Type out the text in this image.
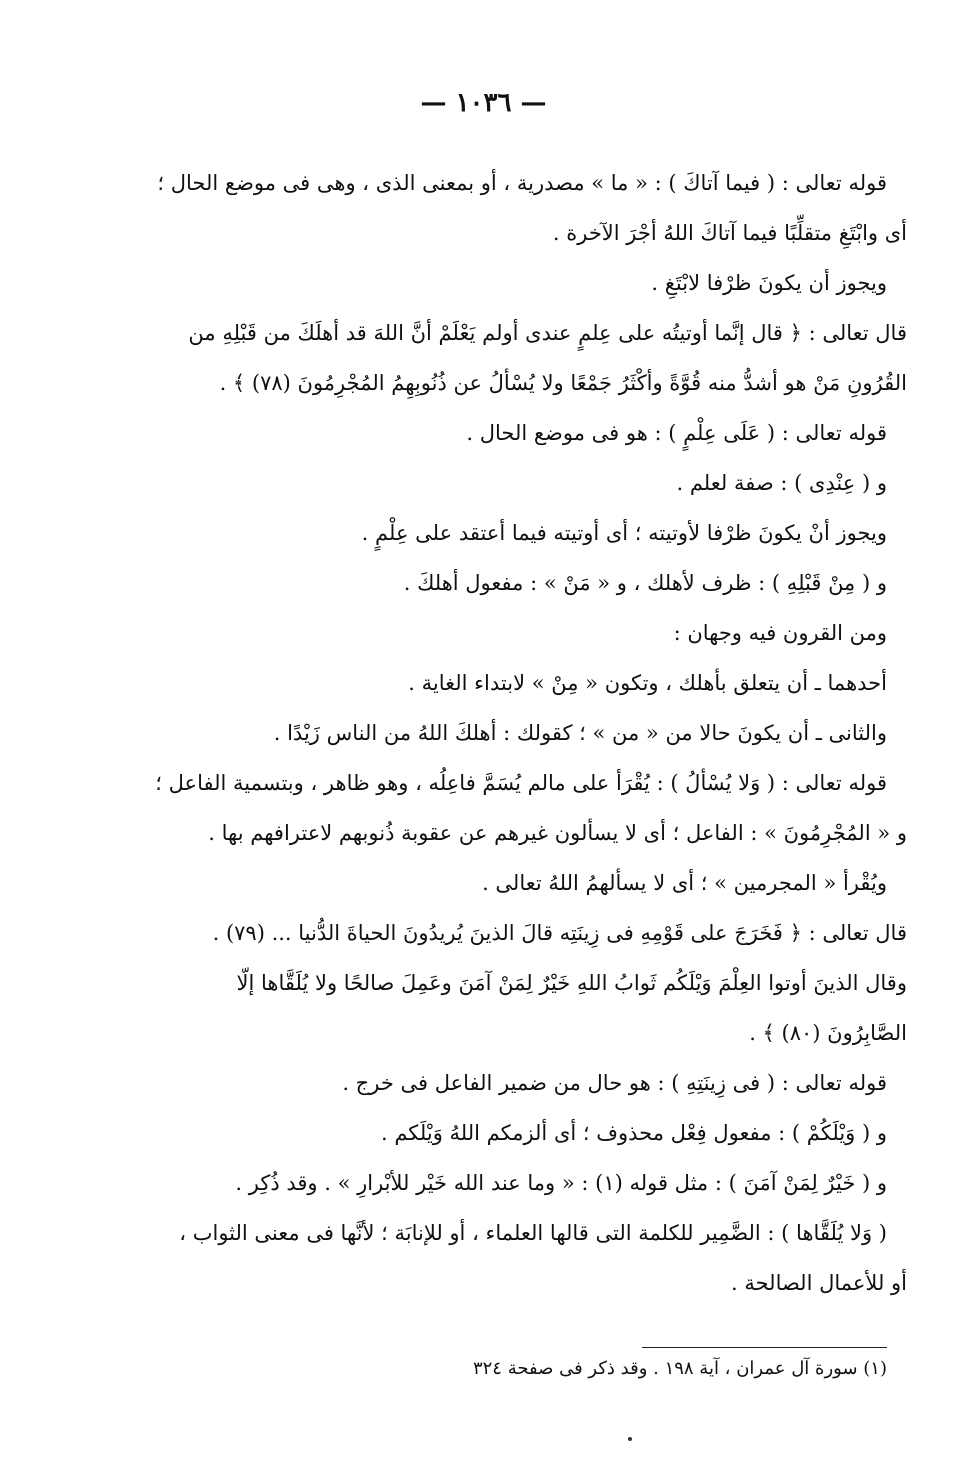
— ١٠٣٦ —
قوله تعالى : ( فيما آتاكَ ) : « ما » مصدرية ، أو بمعنى الذى ، وهى فى موضع الحال ؛
أى وابْتَغِ متقلِّبًا فيما آتاكَ اللهُ أجْرَ الآخرة .
ويجوز أن يكونَ ظرْفا لابْتَغِ .
قال تعالى : ﴿ قال إنَّما أوتيتُه على عِلمٍ عندى أولم يَعْلَمْ أنَّ اللهَ قد أهلَكَ من قَبْلِهِ من
القُرُونِ مَنْ هو أشدُّ منه قُوَّةً وأكْثَرُ جَمْعًا ولا يُسْألُ عن ذُنُوبِهِمُ المُجْرِمُونَ (٧٨) ﴾ .
قوله تعالى : ( عَلَى عِلْمٍ ) : هو فى موضع الحال .
و ( عِنْدِى ) : صفة لعلم .
ويجوز أنْ يكونَ ظرْفا لأوتيته ؛ أى أوتيته فيما أعتقد على عِلْمٍ .
و ( مِنْ قَبْلِهِ ) : ظرف لأهلك ، و « مَنْ » : مفعول أهلكَ .
ومن القرون فيه وجهان :
أحدهما ـ أن يتعلق بأهلك ، وتكون « مِنْ » لابتداء الغاية .
والثانى ـ أن يكونَ حالا من « من » ؛ كقولك : أهلكَ اللهُ من الناس زَيْدًا .
قوله تعالى : ( وَلا يُسْألُ ) : يُقْرَأ على مالم يُسَمَّ فاعِلُه ، وهو ظاهر ، وبتسمية الفاعل ؛
و « المُجْرِمُونَ » : الفاعل ؛ أى لا يسألون غيرهم عن عقوبة ذُنوبهم لاعترافهم بها .
ويُقْرأ « المجرمين » ؛ أى لا يسألهمُ اللهُ تعالى .
قال تعالى : ﴿ فَخَرَجَ على قَوْمِهِ فى زِينَتِه قالَ الذينَ يُريدُونَ الحياةَ الدُّنيا ... (٧٩) .
وقال الذينَ أوتوا العِلْمَ وَيْلَكُم ثَوابُ اللهِ خَيْرٌ لِمَنْ آمَنَ وعَمِلَ صالحًا ولا يُلَقَّاها إلّا
الصَّابِرُونَ (٨٠) ﴾ .
قوله تعالى : ( فى زِينَتِهِ ) : هو حال من ضمير الفاعل فى خرج .
و ( وَيْلَكُمْ ) : مفعول فِعْل محذوف ؛ أى ألزمكم اللهُ وَيْلَكم .
و ( خَيْرٌ لِمَنْ آمَنَ ) : مثل قوله (١) : « وما عند الله خَيْر للأبْرارِ » . وقد ذُكِر .
( وَلا يُلَقَّاها ) : الضَّمِير للكلمة التى قالها العلماء ، أو للإنابَة ؛ لأنَّها فى معنى الثواب ،
أو للأعمال الصالحة .
(١) سورة آل عمران ، آية ١٩٨ . وقد ذكر فى صفحة ٣٢٤
